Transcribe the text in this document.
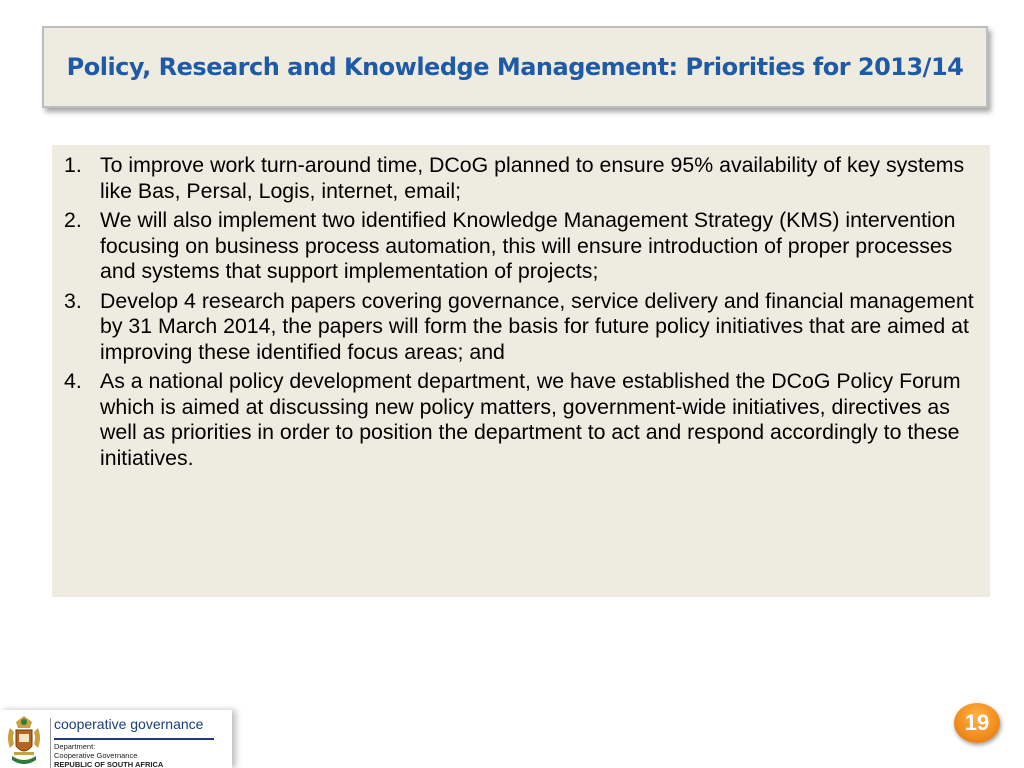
Policy, Research and Knowledge Management: Priorities for 2013/14
1. To improve work turn-around time, DCoG planned to ensure 95% availability of key systems like Bas, Persal, Logis, internet, email;
2. We will also implement two identified Knowledge Management Strategy (KMS) intervention focusing on business process automation, this will ensure introduction of proper processes and systems that support implementation of projects;
3. Develop 4 research papers covering governance, service delivery and financial management by 31 March 2014, the papers will form the basis for future policy initiatives that are aimed at improving these identified focus areas; and
4. As a national policy development department, we have established the DCoG Policy Forum which is aimed at discussing new policy matters, government-wide initiatives, directives as well as priorities in order to position the department to act and respond accordingly to these initiatives.
cooperative governance
Department:
Cooperative Governance
REPUBLIC OF SOUTH AFRICA
19
